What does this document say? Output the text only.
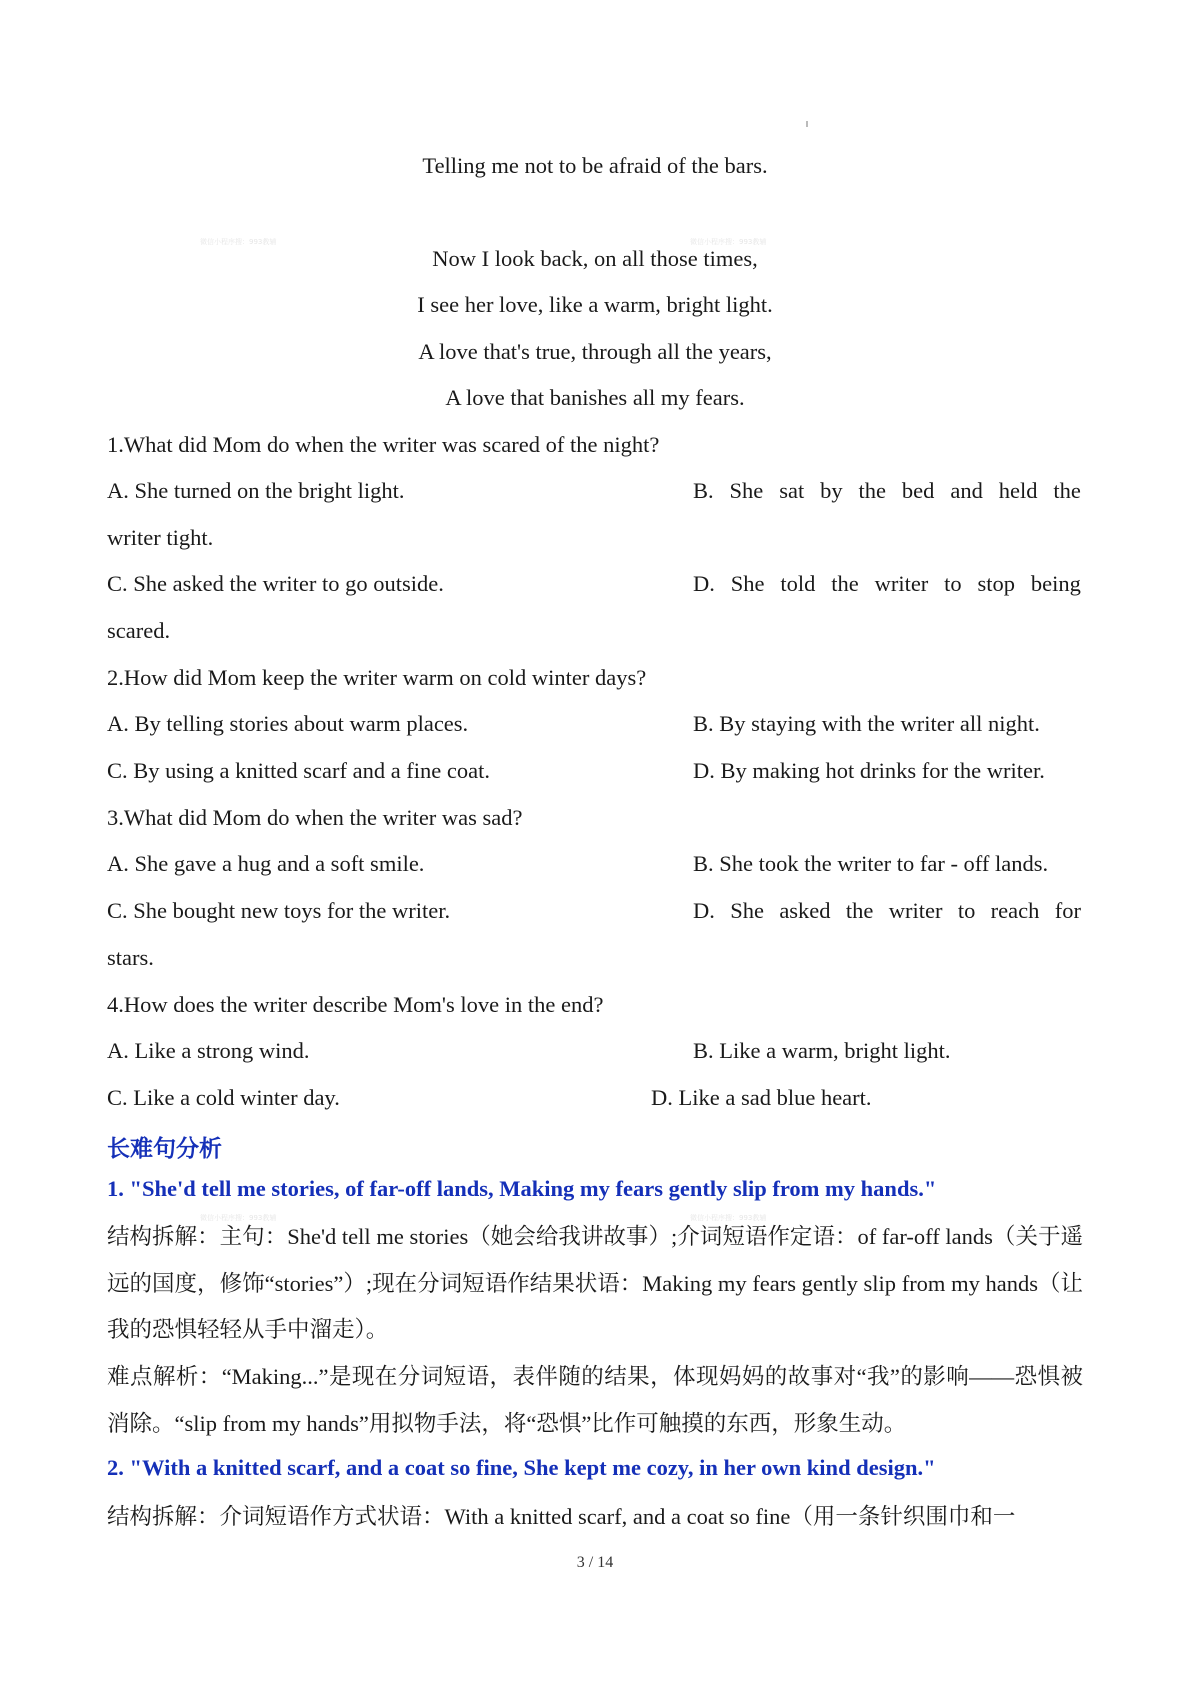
微信小程序搜：993教辅	微信小程序搜：993教辅
微信小程序搜：993教辅	微信小程序搜：993教辅
Telling me not to be afraid of the bars.
Now I look back, on all those times,
I see her love, like a warm, bright light.
A love that's true, through all the years,
A love that banishes all my fears.
1.What did Mom do when the writer was scared of the night?
A. She turned on the bright light.	B. She sat by the bed and held the
writer tight.
C. She asked the writer to go outside.	D. She told the writer to stop being
scared.
2.How did Mom keep the writer warm on cold winter days?
A. By telling stories about warm places.	B. By staying with the writer all night.
C. By using a knitted scarf and a fine coat.	D. By making hot drinks for the writer.
3.What did Mom do when the writer was sad?
A. She gave a hug and a soft smile.	B. She took the writer to far - off lands.
C. She bought new toys for the writer.	D. She asked the writer to reach for
stars.
4.How does the writer describe Mom's love in the end?
A. Like a strong wind.	B. Like a warm, bright light.
C. Like a cold winter day.	D. Like a sad blue heart.
长难句分析
1. "She'd tell me stories, of far-off lands, Making my fears gently slip from my hands."
结构拆解：主句：She'd tell me stories（她会给我讲故事）;介词短语作定语：of far-off lands（关于遥远的国度，修饰“stories”）;现在分词短语作结果状语：Making my fears gently slip from my hands（让我的恐惧轻轻从手中溜走）。
难点解析：“Making...”是现在分词短语，表伴随的结果，体现妈妈的故事对“我”的影响——恐惧被消除。“slip from my hands”用拟物手法，将“恐惧”比作可触摸的东西，形象生动。
2. "With a knitted scarf, and a coat so fine, She kept me cozy, in her own kind design."
结构拆解：介词短语作方式状语：With a knitted scarf, and a coat so fine（用一条针织围巾和一
3 / 14
